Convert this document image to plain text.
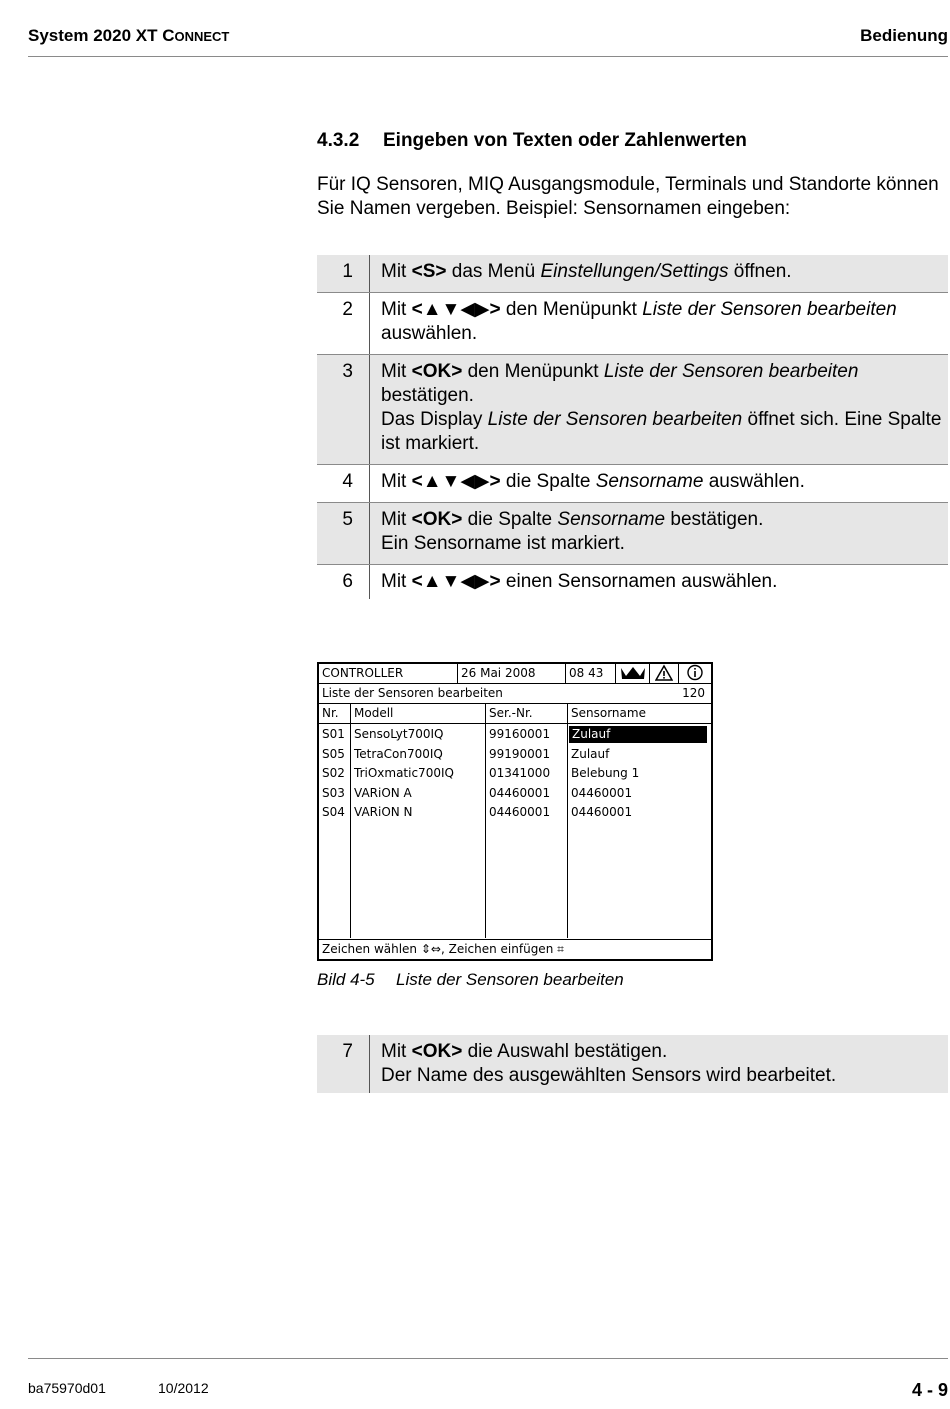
System 2020 XT CONNECT	Bedienung
4.3.2 Eingeben von Texten oder Zahlenwerten
Für IQ Sensoren, MIQ Ausgangsmodule, Terminals und Standorte können Sie Namen vergeben. Beispiel: Sensornamen eingeben:
1	Mit <S> das Menü Einstellungen/Settings öffnen.
2	Mit <▲▼◀▶> den Menüpunkt Liste der Sensoren bearbeiten auswählen.
3	Mit <OK> den Menüpunkt Liste der Sensoren bearbeiten bestätigen.
Das Display Liste der Sensoren bearbeiten öffnet sich. Eine Spalte ist markiert.
4	Mit <▲▼◀▶> die Spalte Sensorname auswählen.
5	Mit <OK> die Spalte Sensorname bestätigen.
Ein Sensorname ist markiert.
6	Mit <▲▼◀▶> einen Sensornamen auswählen.
CONTROLLER	26 Mai 2008	08 43
Liste der Sensoren bearbeiten	120
Nr. Modell	Ser.-Nr.	Sensorname
S01 SensoLyt700IQ	99160001 Zulauf
S05 TetraCon700IQ	99190001 Zulauf
S02 TriOxmatic700IQ	01341000 Belebung 1
S03 VARiON A	04460001 04460001
S04 VARiON N	04460001 04460001
Zeichen wählen ⇕⇔, Zeichen einfügen ⌗
Bild 4-5 Liste der Sensoren bearbeiten
7	Mit <OK> die Auswahl bestätigen.
Der Name des ausgewählten Sensors wird bearbeitet.
ba75970d01	10/2012	4 - 9
